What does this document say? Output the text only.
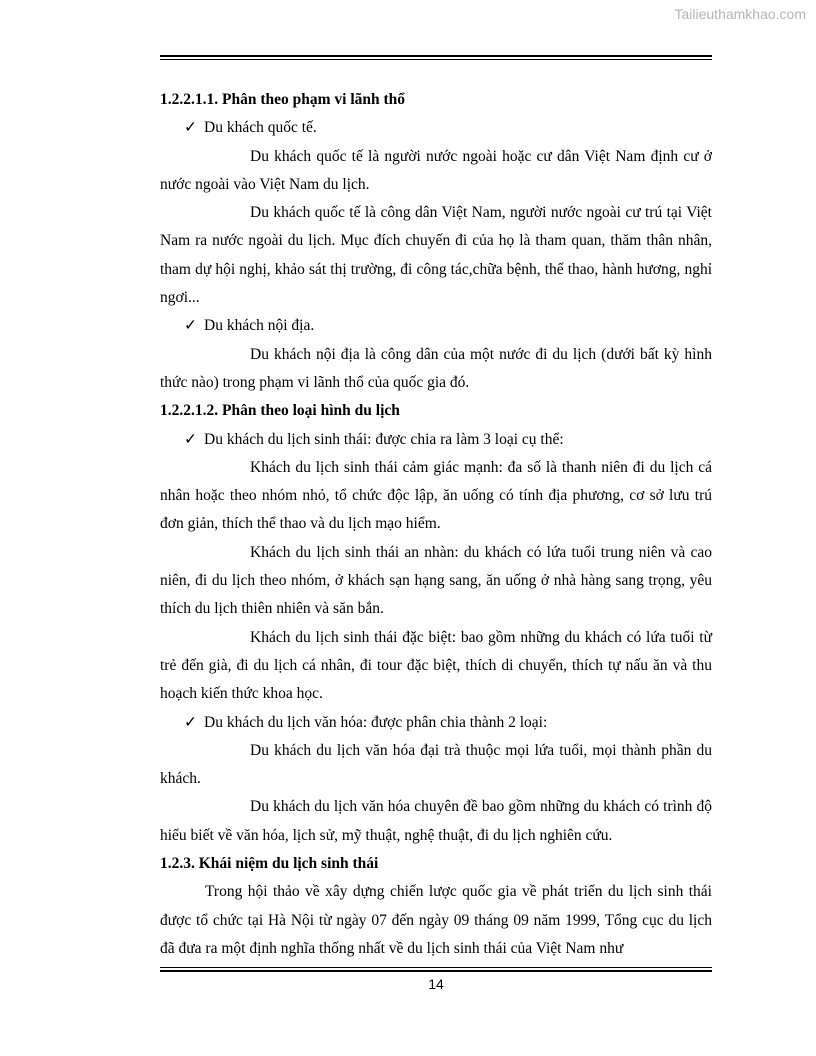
Tailieuthamkhao.com

1.2.2.1.1. Phân theo phạm vi lãnh thổ

✓ Du khách quốc tế.

Du khách quốc tế là người nước ngoài hoặc cư dân Việt Nam định cư ở nước ngoài vào Việt Nam du lịch.

Du khách quốc tế là công dân Việt Nam, người nước ngoài cư trú tại Việt Nam ra nước ngoài du lịch. Mục đích chuyến đi của họ là tham quan, thăm thân nhân, tham dự hội nghị, khảo sát thị trường, đi công tác,chữa bệnh, thể thao, hành hương, nghỉ ngơi...

✓ Du khách nội địa.

Du khách nội địa là công dân của một nước đi du lịch (dưới bất kỳ hình thức nào) trong phạm vi lãnh thổ của quốc gia đó.

1.2.2.1.2. Phân theo loại hình du lịch

✓ Du khách du lịch sinh thái: được chia ra làm 3 loại cụ thể:

Khách du lịch sinh thái cảm giác mạnh: đa số là thanh niên đi du lịch cá nhân hoặc theo nhóm nhỏ, tổ chức độc lập, ăn uống có tính địa phương, cơ sở lưu trú đơn giản, thích thể thao và du lịch mạo hiểm.

Khách du lịch sinh thái an nhàn: du khách có lứa tuổi trung niên và cao niên, đi du lịch theo nhóm, ở khách sạn hạng sang, ăn uống ở nhà hàng sang trọng, yêu thích du lịch thiên nhiên và săn bắn.

Khách du lịch sinh thái đặc biệt: bao gồm những du khách có lứa tuổi từ trẻ đến già, đi du lịch cá nhân, đi tour đặc biệt, thích di chuyển, thích tự nấu ăn và thu hoạch kiến thức khoa học.

✓ Du khách du lịch văn hóa: được phân chia thành 2 loại:

Du khách du lịch văn hóa đại trà thuộc mọi lứa tuổi, mọi thành phần du khách.

Du khách du lịch văn hóa chuyên đề bao gồm những du khách có trình độ hiểu biết về văn hóa, lịch sử, mỹ thuật, nghệ thuật, đi du lịch nghiên cứu.

1.2.3. Khái niệm du lịch sinh thái

Trong hội thảo về xây dựng chiến lược quốc gia về phát triển du lịch sinh thái được tổ chức tại Hà Nội từ ngày 07 đến ngày 09 tháng 09 năm 1999, Tổng cục du lịch đã đưa ra một định nghĩa thống nhất về du lịch sinh thái của Việt Nam như

14
